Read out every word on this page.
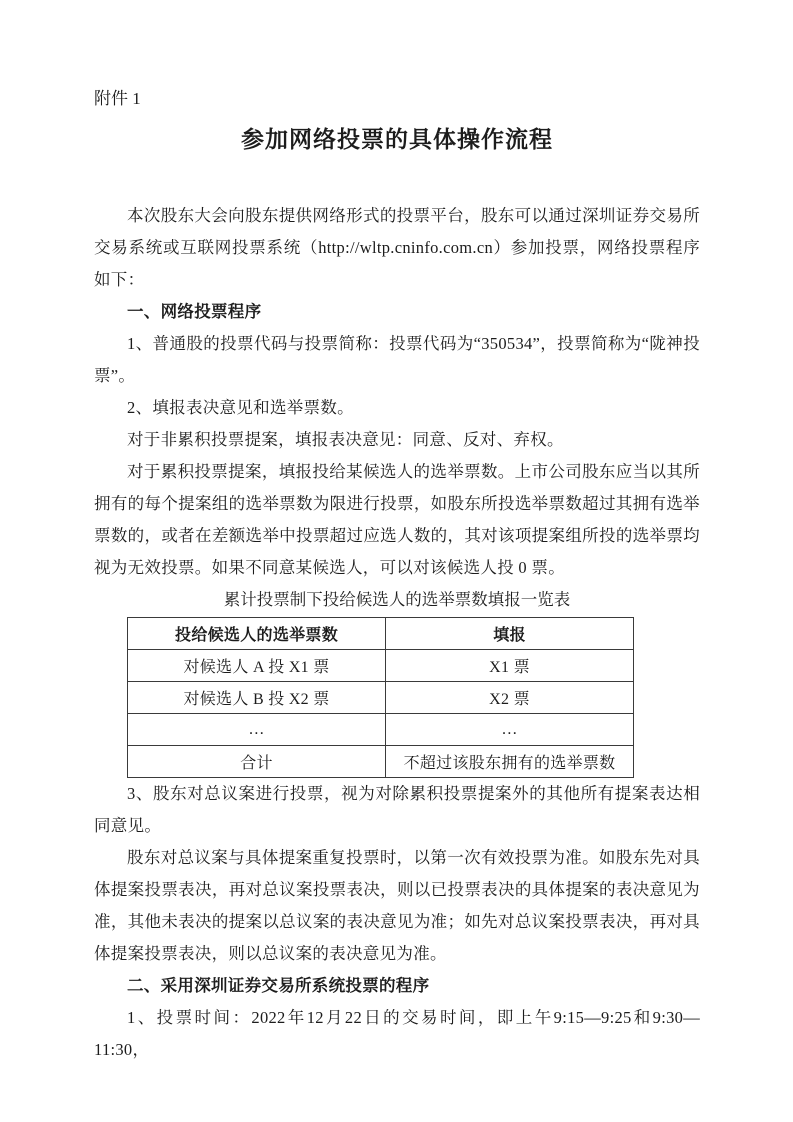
附件 1
参加网络投票的具体操作流程

本次股东大会向股东提供网络形式的投票平台，股东可以通过深圳证券交易所交易系统或互联网投票系统（http://wltp.cninfo.com.cn）参加投票，网络投票程序如下：

一、网络投票程序

1、普通股的投票代码与投票简称：投票代码为“350534”，投票简称为“陇神投票”。

2、填报表决意见和选举票数。

对于非累积投票提案，填报表决意见：同意、反对、弃权。

对于累积投票提案，填报投给某候选人的选举票数。上市公司股东应当以其所拥有的每个提案组的选举票数为限进行投票，如股东所投选举票数超过其拥有选举票数的，或者在差额选举中投票超过应选人数的，其对该项提案组所投的选举票均视为无效投票。如果不同意某候选人，可以对该候选人投 0 票。

累计投票制下投给候选人的选举票数填报一览表

投给候选人的选举票数	填报
对候选人 A 投 X1 票	X1 票
对候选人 B 投 X2 票	X2 票
…	…
合计	不超过该股东拥有的选举票数

3、股东对总议案进行投票，视为对除累积投票提案外的其他所有提案表达相同意见。

股东对总议案与具体提案重复投票时，以第一次有效投票为准。如股东先对具体提案投票表决，再对总议案投票表决，则以已投票表决的具体提案的表决意见为准，其他未表决的提案以总议案的表决意见为准；如先对总议案投票表决，再对具体提案投票表决，则以总议案的表决意见为准。

二、采用深圳证券交易所系统投票的程序

1、投票时间：2022年12月22日的交易时间，即上午9:15—9:25和9:30—11:30，
